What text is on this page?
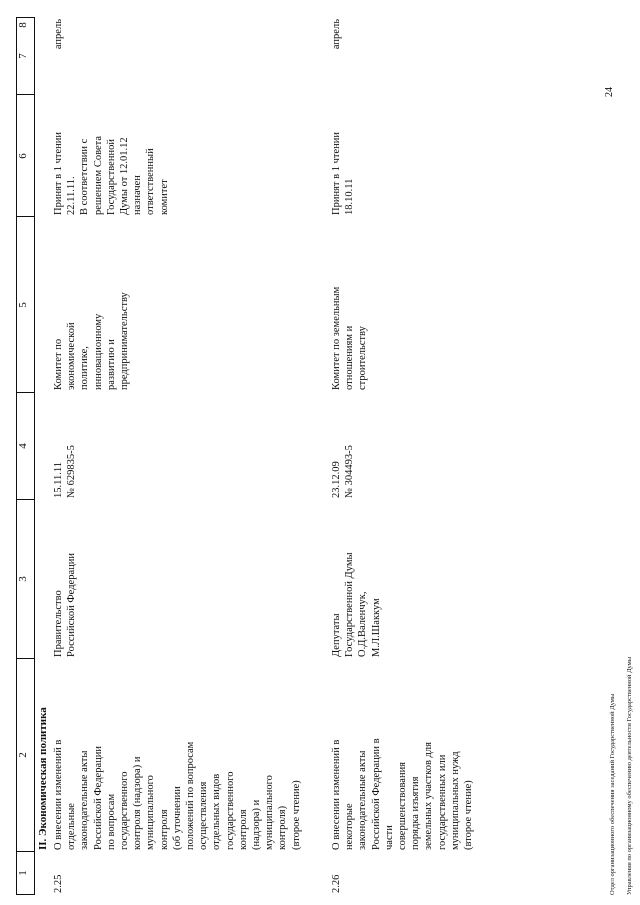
1
2
3
4
5
6
7
8
II. Экономическая политика
2.25
О внесении изменений в
отдельные
законодательные акты
Российской Федерации
по вопросам
государственного
контроля (надзора) и
муниципального
контроля
(об уточнении
положений по вопросам
осуществления
отдельных видов
государственного
контроля
(надзора) и
муниципального
контроля)
(второе чтение)
Правительство
Российской Федерации
15.11.11
№ 629835-5
Комитет по
экономической
политике,
инновационному
развитию и
предпринимательству
Принят в 1 чтении
22.11.11.
В соответствии с
решением Совета
Государственной
Думы от 12.01.12
назначен
ответственный
комитет
апрель
2.26
О внесении изменений в
некоторые
законодательные акты
Российской Федерации в
части
совершенствования
порядка изъятия
земельных участков для
государственных или
муниципальных нужд
(второе чтение)
Депутаты
Государственной Думы
О.Д.Валенчук,
М.Л.Шаккум
23.12.09
№ 304493-5
Комитет по земельным
отношениям и
строительству
Принят в 1 чтении
18.10.11
апрель

Отдел организационного обеспечения заседаний Государственной Думы Управления по организационному обеспечению деятельности Государственной Думы

24
